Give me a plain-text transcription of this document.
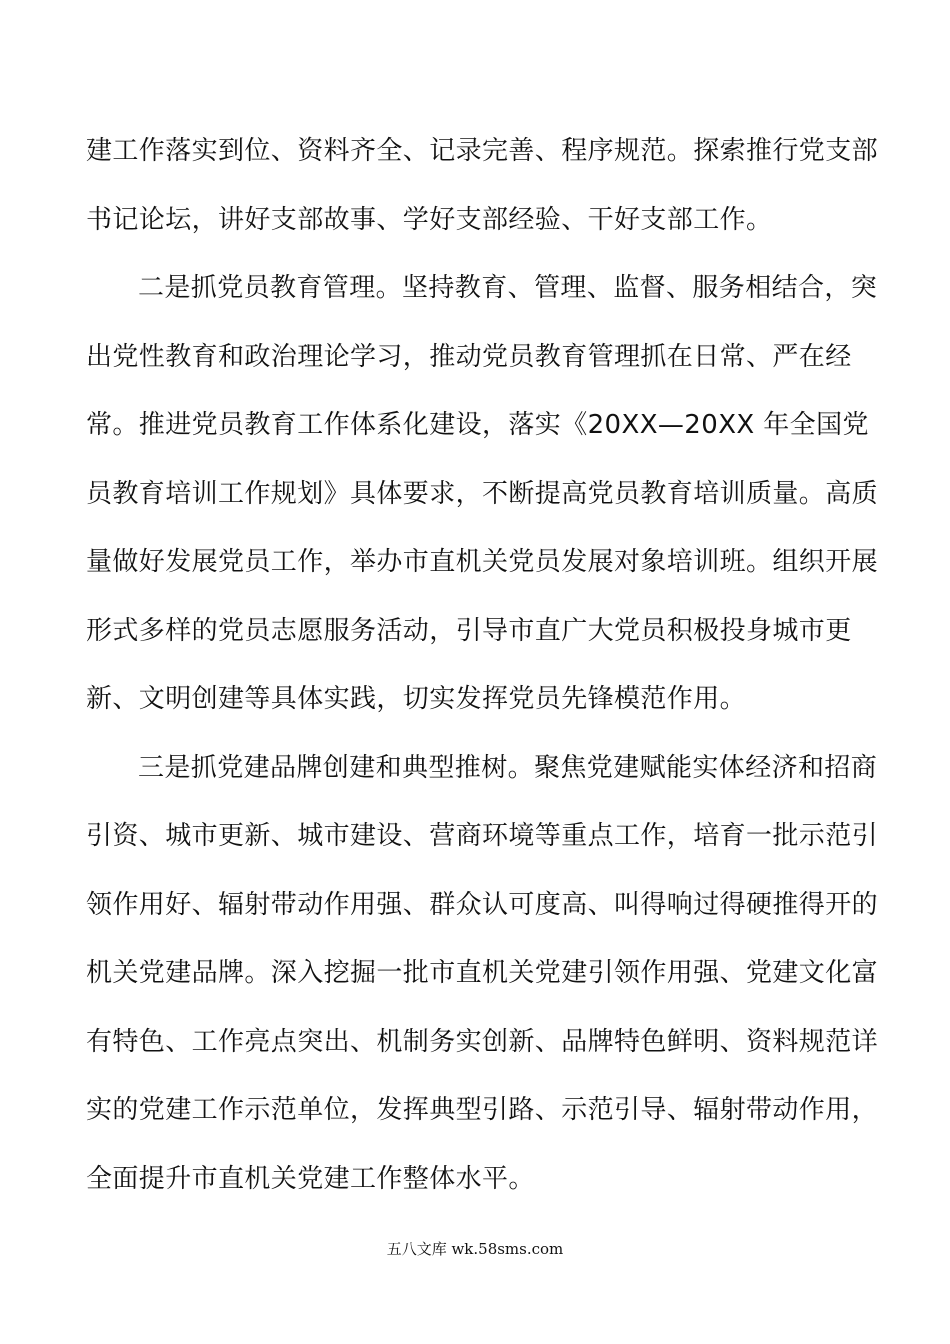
建工作落实到位、资料齐全、记录完善、程序规范。探索推行党支部
书记论坛，讲好支部故事、学好支部经验、干好支部工作。
二是抓党员教育管理。坚持教育、管理、监督、服务相结合，突
出党性教育和政治理论学习，推动党员教育管理抓在日常、严在经
常。推进党员教育工作体系化建设，落实《20XX—20XX 年全国党
员教育培训工作规划》具体要求，不断提高党员教育培训质量。高质
量做好发展党员工作，举办市直机关党员发展对象培训班。组织开展
形式多样的党员志愿服务活动，引导市直广大党员积极投身城市更
新、文明创建等具体实践，切实发挥党员先锋模范作用。
三是抓党建品牌创建和典型推树。聚焦党建赋能实体经济和招商
引资、城市更新、城市建设、营商环境等重点工作，培育一批示范引
领作用好、辐射带动作用强、群众认可度高、叫得响过得硬推得开的
机关党建品牌。深入挖掘一批市直机关党建引领作用强、党建文化富
有特色、工作亮点突出、机制务实创新、品牌特色鲜明、资料规范详
实的党建工作示范单位，发挥典型引路、示范引导、辐射带动作用，
全面提升市直机关党建工作整体水平。
五八文库 wk.58sms.com
